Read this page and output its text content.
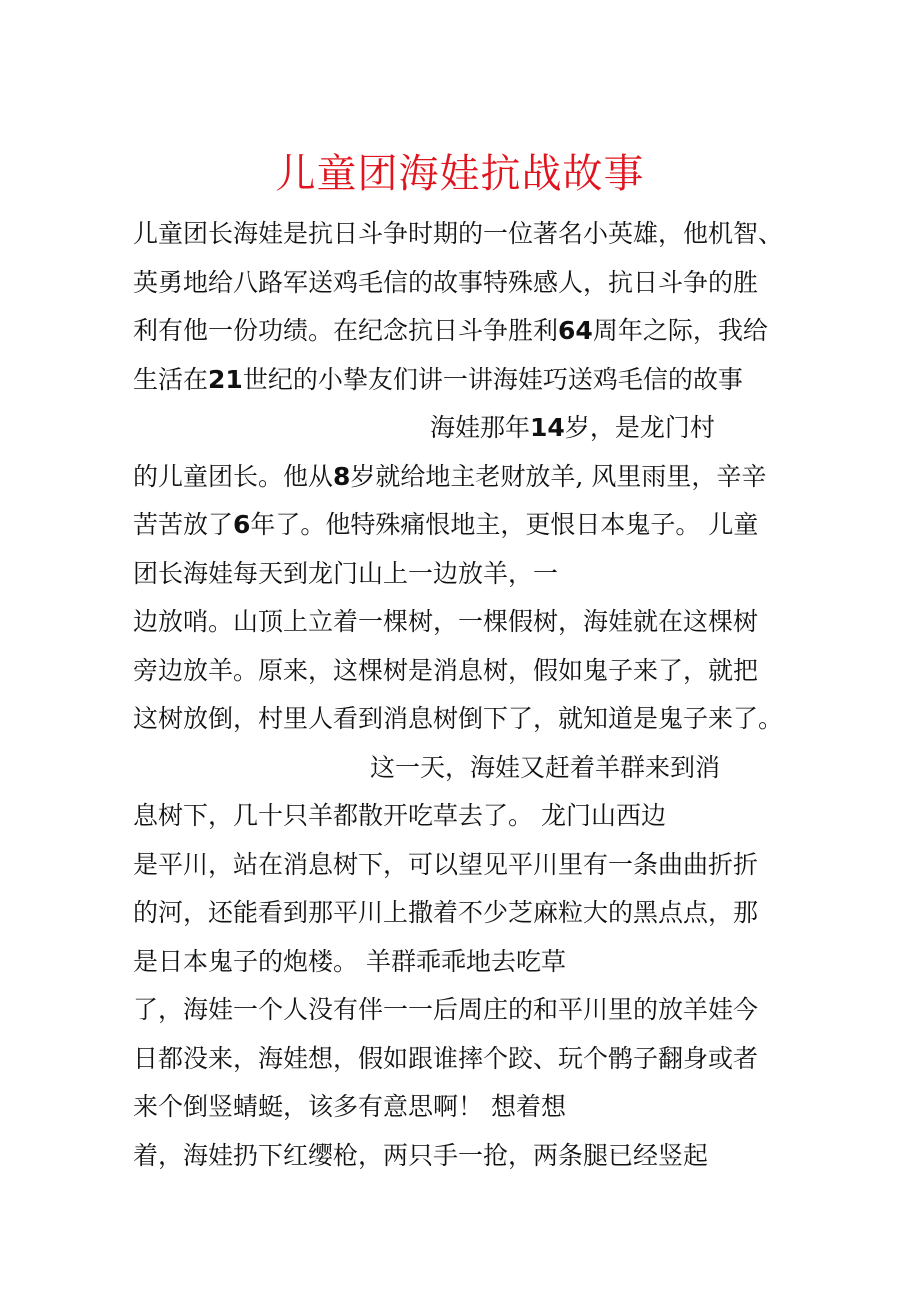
儿童团海娃抗战故事
儿童团长海娃是抗日斗争时期的一位著名小英雄，他机智、
英勇地给八路军送鸡毛信的故事特殊感人，抗日斗争的胜
利有他一份功绩。在纪念抗日斗争胜利64周年之际，我给
生活在21世纪的小挚友们讲一讲海娃巧送鸡毛信的故事
海娃那年14岁，是龙门村
的儿童团长。他从8岁就给地主老财放羊, 风里雨里，辛辛
苦苦放了6年了。他特殊痛恨地主，更恨日本鬼子。 儿童
团长海娃每天到龙门山上一边放羊，一
边放哨。山顶上立着一棵树，一棵假树，海娃就在这棵树
旁边放羊。原来，这棵树是消息树，假如鬼子来了，就把
这树放倒，村里人看到消息树倒下了，就知道是鬼子来了。
这一天，海娃又赶着羊群来到消
息树下，几十只羊都散开吃草去了。 龙门山西边
是平川，站在消息树下，可以望见平川里有一条曲曲折折
的河，还能看到那平川上撒着不少芝麻粒大的黑点点，那
是日本鬼子的炮楼。 羊群乖乖地去吃草
了，海娃一个人没有伴一一后周庄的和平川里的放羊娃今
日都没来，海娃想，假如跟谁摔个跤、玩个鹘子翻身或者
来个倒竖蜻蜓，该多有意思啊！ 想着想
着，海娃扔下红缨枪，两只手一抢，两条腿已经竖起
